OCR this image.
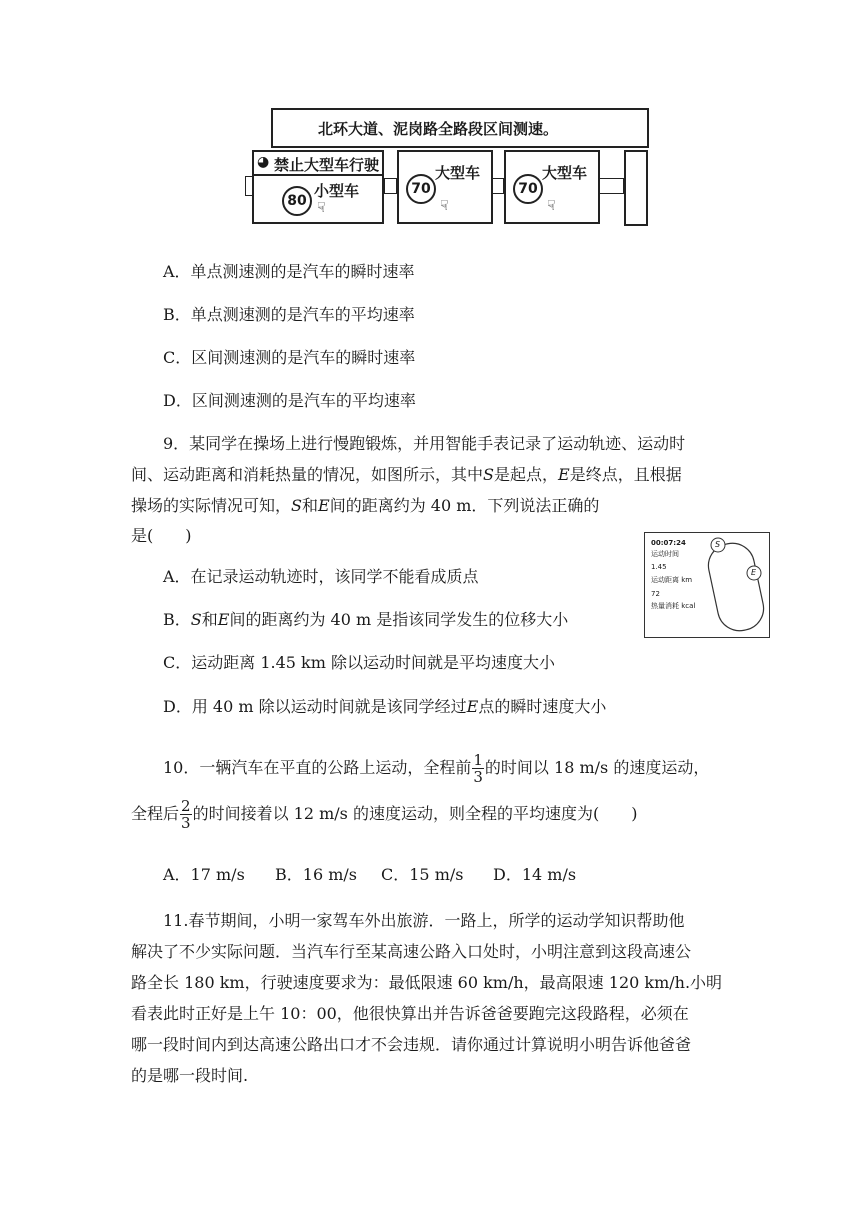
北环大道、泥岗路全路段区间测速。
◕ 禁止大型车行驶
80
小型车
☟
70
大型车
☟
70
大型车
☟
A．单点测速测的是汽车的瞬时速率
B．单点测速测的是汽车的平均速率
C．区间测速测的是汽车的瞬时速率
D．区间测速测的是汽车的平均速率
9．某同学在操场上进行慢跑锻炼，并用智能手表记录了运动轨迹、运动时
间、运动距离和消耗热量的情况，如图所示，其中S是起点，E是终点，且根据
操场的实际情况可知，S和E间的距离约为 40 m．下列说法正确的
是(　　)	00:07:24
运动时间
1.45
运动距离 km
72
热量消耗 kcal
S
E
A．在记录运动轨迹时，该同学不能看成质点
B．S和E间的距离约为 40 m 是指该同学发生的位移大小
C．运动距离 1.45 km 除以运动时间就是平均速度大小
D．用 40 m 除以运动时间就是该同学经过E点的瞬时速度大小
10．一辆汽车在平直的公路上运动，全程前 $\frac{1}{3}$ 的时间以 18 m/s 的速度运动，
全程后 $\frac{2}{3}$ 的时间接着以 12 m/s 的速度运动，则全程的平均速度为(　　)
A．17 m/s B．16 m/s C．15 m/s D．14 m/s
11.春节期间，小明一家驾车外出旅游．一路上，所学的运动学知识帮助他
解决了不少实际问题．当汽车行至某高速公路入口处时，小明注意到这段高速公
路全长 180 km，行驶速度要求为：最低限速 60 km/h，最高限速 120 km/h.小明
看表此时正好是上午 10：00，他很快算出并告诉爸爸要跑完这段路程，必须在
哪一段时间内到达高速公路出口才不会违规．请你通过计算说明小明告诉他爸爸
的是哪一段时间.
